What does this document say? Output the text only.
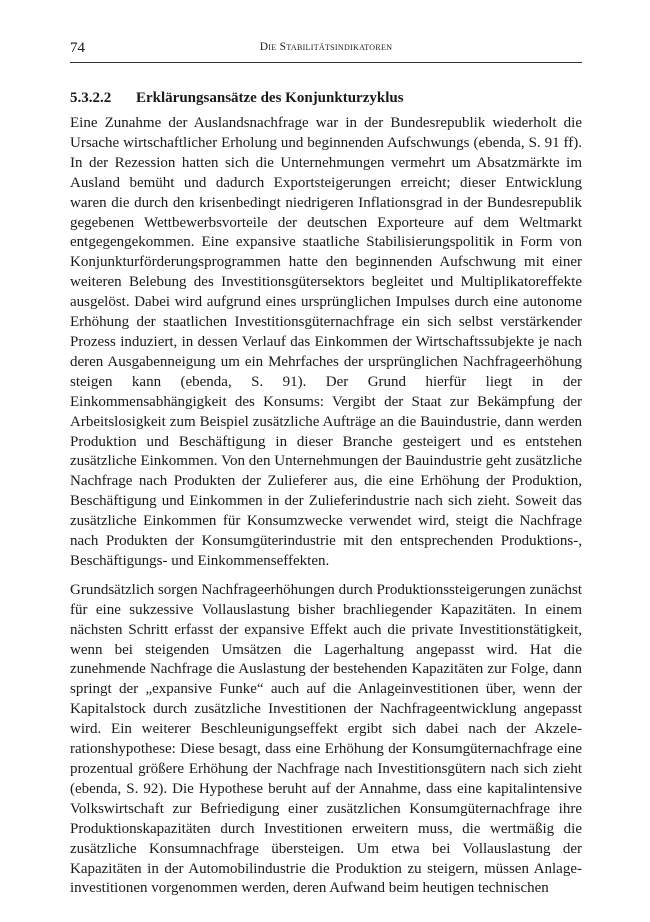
74	Die Stabilitätsindikatoren
5.3.2.2 Erklärungsansätze des Konjunkturzyklus

Eine Zunahme der Auslandsnachfrage war in der Bundesrepublik wiederholt die Ursache wirtschaftlicher Erholung und beginnenden Aufschwungs (ebenda, S. 91 ff). In der Rezession hatten sich die Unternehmungen vermehrt um Absatzmärkte im Ausland bemüht und dadurch Exportsteigerungen erreicht; dieser Entwicklung waren die durch den krisenbedingt niedrigeren Inflationsgrad in der Bundesrepublik gegebenen Wettbewerbsvorteile der deutschen Exporteure auf dem Weltmarkt entgegengekommen. Eine expansive staatliche Stabilisierungspolitik in Form von Konjunkturförderungsprogrammen hatte den beginnenden Aufschwung mit einer weiteren Belebung des Investitionsgütersektors begleitet und Multiplikatoreffekte ausgelöst. Dabei wird aufgrund eines ursprünglichen Impulses durch eine autonome Erhöhung der staatlichen Investitionsgüternachfrage ein sich selbst verstärkender Prozess induziert, in dessen Verlauf das Einkommen der Wirtschaftssubjekte je nach deren Ausgabenneigung um ein Mehrfaches der ursprünglichen Nachfrageerhöhung steigen kann (ebenda, S. 91). Der Grund hierfür liegt in der Einkommensabhängigkeit des Konsums: Vergibt der Staat zur Bekämpfung der Arbeitslosigkeit zum Beispiel zusätzliche Aufträge an die Bauindustrie, dann werden Produktion und Beschäftigung in dieser Branche gesteigert und es entstehen zusätzliche Einkommen. Von den Unternehmungen der Bauindustrie geht zusätzliche Nachfrage nach Produkten der Zulieferer aus, die eine Erhöhung der Produktion, Beschäftigung und Einkommen in der Zulieferindustrie nach sich zieht. Soweit das zusätzliche Einkommen für Konsumzwecke verwendet wird, steigt die Nachfrage nach Produkten der Konsumgüterindustrie mit den entsprechenden Produktions-, Beschäftigungs- und Einkommenseffekten.

Grundsätzlich sorgen Nachfrageerhöhungen durch Produktionssteigerungen zunächst für eine sukzessive Vollauslastung bisher brachliegender Kapazitäten. In einem nächsten Schritt erfasst der expansive Effekt auch die private Investitionstätigkeit, wenn bei steigenden Umsätzen die Lagerhaltung angepasst wird. Hat die zunehmende Nachfrage die Auslastung der bestehenden Kapazitäten zur Folge, dann springt der „expansive Funke“ auch auf die Anlageinvestitionen über, wenn der Kapitalstock durch zusätzliche Investitionen der Nachfrageentwicklung angepasst wird. Ein weiterer Beschleunigungseffekt ergibt sich dabei nach der Akzelerationshypothese: Diese besagt, dass eine Erhöhung der Konsumgüternachfrage eine prozentual größere Erhöhung der Nachfrage nach Investitionsgütern nach sich zieht (ebenda, S. 92). Die Hypothese beruht auf der Annahme, dass eine kapitalintensive Volkswirtschaft zur Befriedigung einer zusätzlichen Konsumgüternachfrage ihre Produktionskapazitäten durch Investitionen erweitern muss, die wertmäßig die zusätzliche Konsumnachfrage übersteigen. Um etwa bei Vollauslastung der Kapazitäten in der Automobilindustrie die Produktion zu steigern, müssen Anlageinvestitionen vorgenommen werden, deren Aufwand beim heutigen technischen
